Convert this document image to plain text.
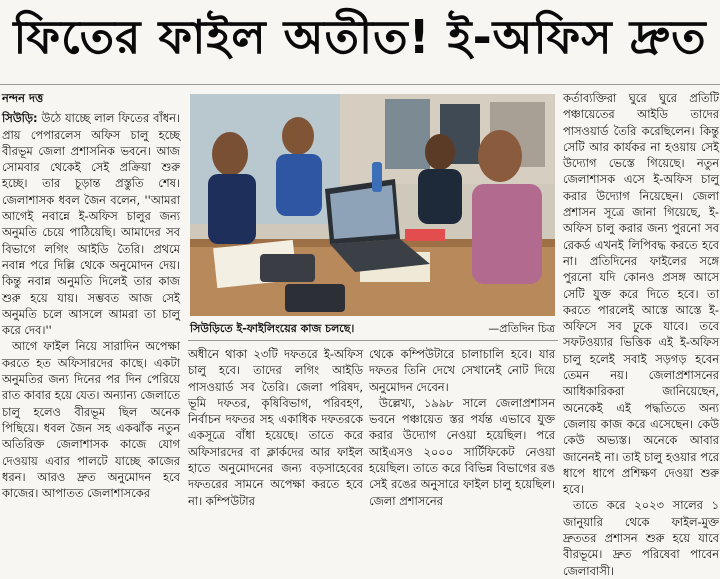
ফিতের ফাইল অতীত! ই-অফিস দ্রুত
নন্দন দত্ত

সিউড়ি: উঠে যাচ্ছে লাল ফিতের বাঁধন। প্রায় পেপারলেস অফিস চালু হচ্ছে বীরভূম জেলা প্রশাসনিক ভবনে। আজ সোমবার থেকেই সেই প্রক্রিয়া শুরু হচ্ছে। তার চূড়ান্ত প্রস্তুতি শেষ। জেলাশাসক ধবল জৈন বলেন, ''আমরা আগেই নবান্নে ই-অফিস চালুর জন্য অনুমতি চেয়ে পাঠিয়েছি। আমাদের সব বিভাগে লগিং আইডি তৈরি। প্রথমে নবান্ন পরে দিল্লি থেকে অনুমোদন দেয়। কিন্তু নবান্ন অনুমতি দিলেই তার কাজ শুরু হয়ে যায়। সম্ভবত আজ সেই অনুমতি চলে আসলে আমরা তা চালু করে দেব।''

আগে ফাইল নিয়ে সারাদিন অপেক্ষা করতে হত অফিসারদের কাছে। একটা অনুমতির জন্য দিনের পর দিন পেরিয়ে রাত কাবার হয়ে যেত। অন্যান্য জেলাতে চালু হলেও বীরভূম ছিল অনেক পিছিয়ে। ধবল জৈন সহ একঝাঁক নতুন অতিরিক্ত জেলাশাসক কাজে যোগ দেওয়ায় এবার পালটে যাচ্ছে কাজের ধরন। আরও দ্রুত অনুমোদন হবে কাজের। আপাতত জেলাশাসকের

সিউড়িতে ই-ফাইলিংয়ের কাজ চলছে।	—প্রতিদিন চিত্র

অধীনে থাকা ২৩টি দফতরে ই-অফিস চালু হবে। তাদের লগিং আইডি পাসওয়ার্ড সব তৈরি। জেলা পরিষদ, ভূমি দফতর, কৃষিবিভাগ, পরিবহণ, নির্বাচন দফতর সহ একাধিক দফতরকে একসূত্রে বাঁধা হয়েছে। তাতে করে অফিসারদের বা ক্লার্কদের আর ফাইল হাতে অনুমোদনের জন্য বড়সাহেবের দফতরের সামনে অপেক্ষা করতে হবে না। কম্পিউটার

থেকে কম্পিউটারে চালাচালি হবে। যার দফতর তিনি দেখে সেখানেই নোট দিয়ে অনুমোদন দেবেন।

উল্লেখ্য, ১৯৯৮ সালে জেলাপ্রশাসন ভবনে পঞ্চায়েত স্তর পর্যন্ত এভাবে যুক্ত করার উদ্যোগ নেওয়া হয়েছিল। পরে আইএসও ২০০০ সার্টিফিকেট নেওয়া হয়েছিল। তাতে করে বিভিন্ন বিভাগের রঙ সেই রঙের অনুসারে ফাইল চালু হয়েছিল। জেলা প্রশাসনের

কর্তাব্যক্তিরা ঘুরে ঘুরে প্রতিটি পঞ্চায়েতের আইডি তাদের পাসওয়ার্ড তৈরি করেছিলেন। কিন্তু সেটি আর কার্যকর না হওয়ায় সেই উদ্যোগ ভেস্তে গিয়েছে। নতুন জেলাশাসক এসে ই-অফিস চালু করার উদ্যোগ নিয়েছেন। জেলা প্রশাসন সূত্রে জানা গিয়েছে, ই-অফিস চালু করার জন্য পুরনো সব রেকর্ড এখনই লিপিবদ্ধ করতে হবে না। প্রতিদিনের ফাইলের সঙ্গে পুরনো যদি কোনও প্রসঙ্গ আসে সেটি যুক্ত করে দিতে হবে। তা করতে পারলেই আস্তে আস্তে ই-অফিসে সব ঢুকে যাবে। তবে সফটওয়্যার ভিত্তিক এই ই-অফিস চালু হলেই সবাই সড়গড় হবেন তেমন নয়। জেলাপ্রশাসনের আধিকারিকরা জানিয়েছেন, অনেকেই এই পদ্ধতিতে অন্য জেলায় কাজ করে এসেছেন। কেউ কেউ অভ্যস্ত। অনেকে আবার জানেনই না। তাই চালু হওয়ার পরে ধাপে ধাপে প্রশিক্ষণ দেওয়া শুরু হবে।

তাতে করে ২০২৩ সালের ১ জানুয়ারি থেকে ফাইল-মুক্ত দ্রুততর প্রশাসন শুরু হয়ে যাবে বীরভূমে। দ্রুত পরিষেবা পাবেন জেলাবাসী।
